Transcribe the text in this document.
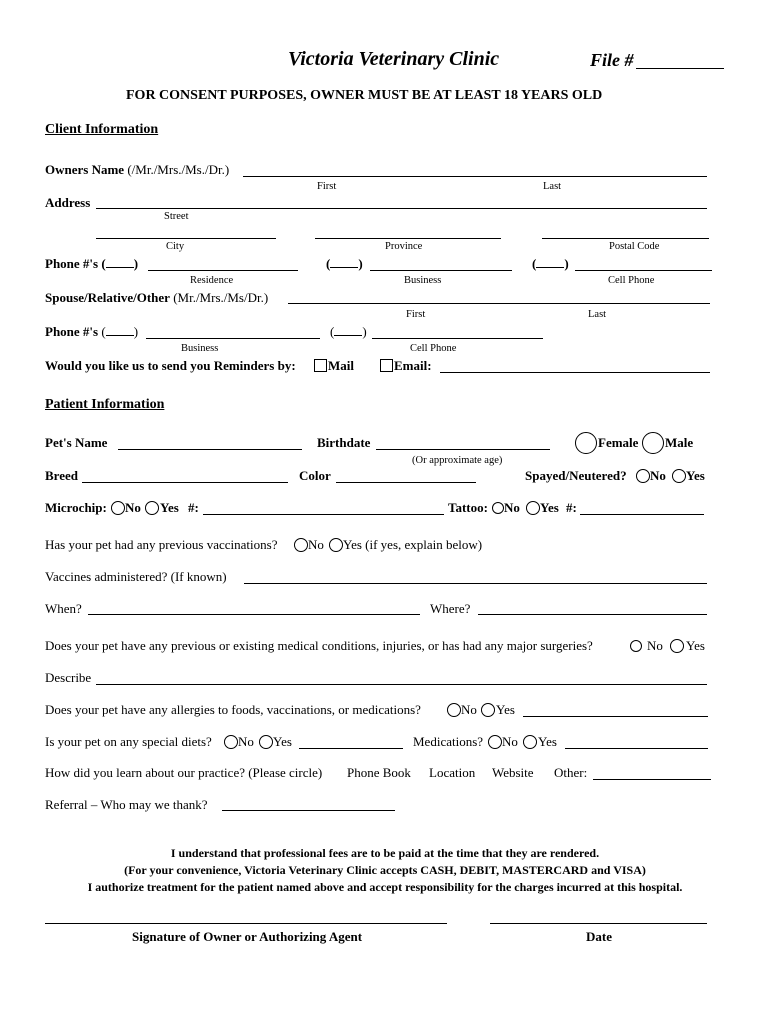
Victoria Veterinary Clinic	File #
FOR CONSENT PURPOSES, OWNER MUST BE AT LEAST 18 YEARS OLD
Client Information
Owners Name (/Mr./Mrs./Ms./Dr.)
First	Last
Address
Street
City	Province	Postal Code
Phone #'s ( )	( )	( )
Residence	Business	Cell Phone
Spouse/Relative/Other (Mr./Mrs./Ms/Dr.)
First	Last
Phone #'s ( )	( )
Business	Cell Phone
Would you like us to send you Reminders by: Mail	Email:
Patient Information
Pet's Name	Birthdate
(Or approximate age)
Female Male
Breed	Color	Spayed/Neutered? No Yes
Microchip: No Yes #:	Tattoo: No Yes #:
Has your pet had any previous vaccinations? No Yes (if yes, explain below)
Vaccines administered? (If known)
When?	Where?
Does your pet have any previous or existing medical conditions, injuries, or has had any major surgeries?	No Yes
Describe
Does your pet have any allergies to foods, vaccinations, or medications?	No Yes
Is your pet on any special diets? No Yes	Medications? No Yes
How did you learn about our practice? (Please circle) Phone Book Location Website Other:
Referral – Who may we thank?
I understand that professional fees are to be paid at the time that they are rendered.
(For your convenience, Victoria Veterinary Clinic accepts CASH, DEBIT, MASTERCARD and VISA)
I authorize treatment for the patient named above and accept responsibility for the charges incurred at this hospital.
Signature of Owner or Authorizing Agent	Date
